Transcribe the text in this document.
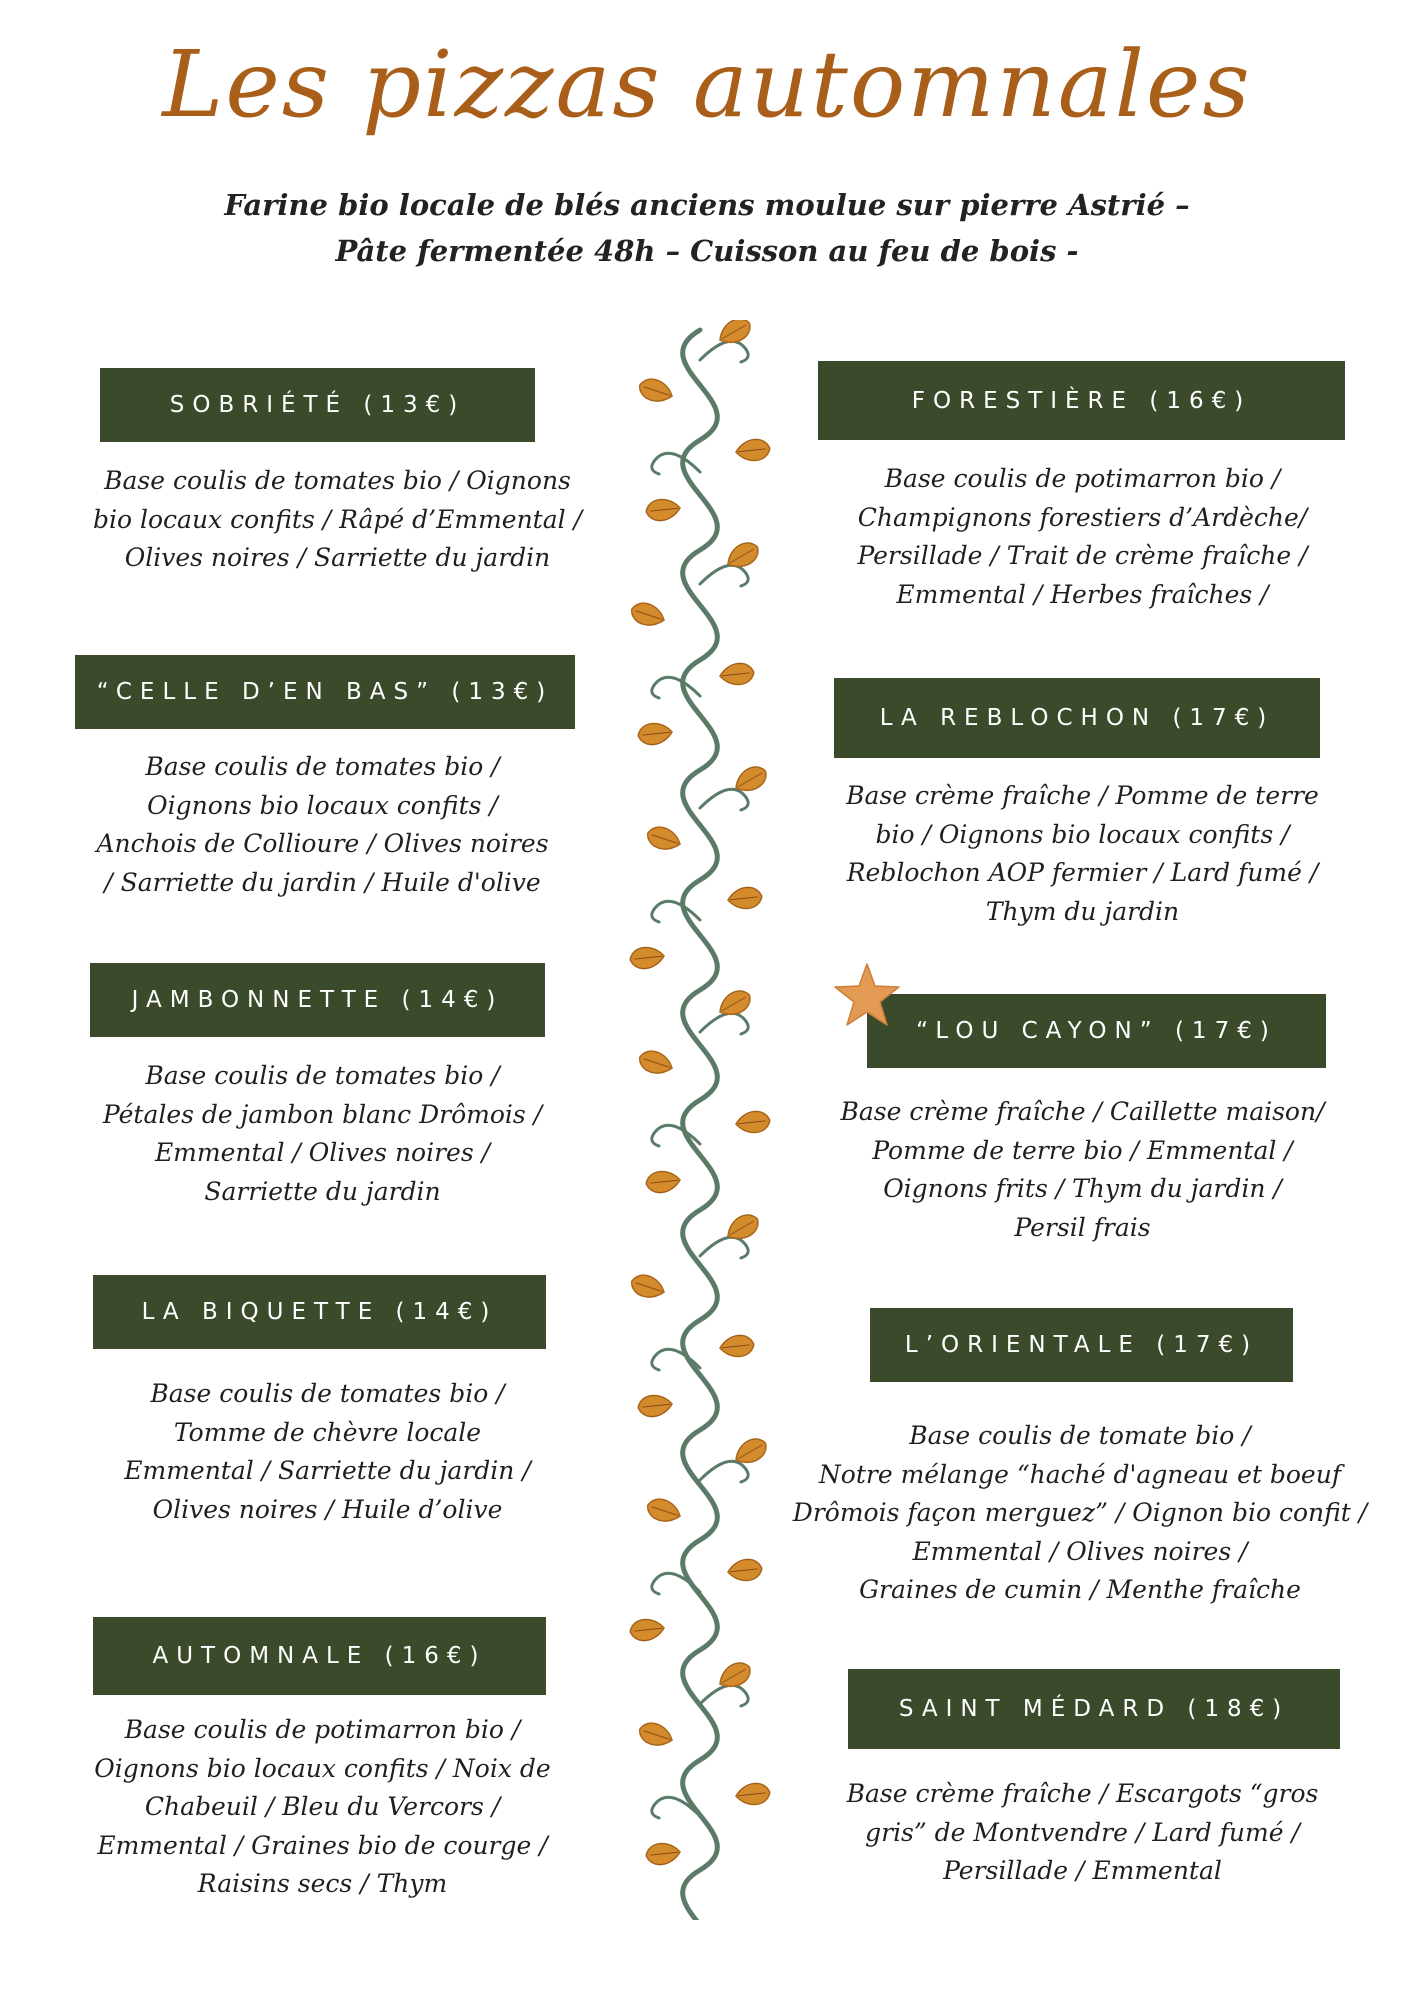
Les pizzas automnales
Farine bio locale de blés anciens moulue sur pierre Astrié –
Pâte fermentée 48h – Cuisson au feu de bois -
SOBRIÉTÉ (13€)
Base coulis de tomates bio / Oignons
bio locaux confits / Râpé d’Emmental /
Olives noires / Sarriette du jardin
“CELLE D’EN BAS” (13€)
Base coulis de tomates bio /
Oignons bio locaux confits /
Anchois de Collioure / Olives noires
/ Sarriette du jardin / Huile d'olive
JAMBONNETTE (14€)
Base coulis de tomates bio /
Pétales de jambon blanc Drômois /
Emmental / Olives noires /
Sarriette du jardin
LA BIQUETTE (14€)
Base coulis de tomates bio /
Tomme de chèvre locale
Emmental / Sarriette du jardin /
Olives noires / Huile d’olive
AUTOMNALE (16€)
Base coulis de potimarron bio /
Oignons bio locaux confits / Noix de
Chabeuil / Bleu du Vercors /
Emmental / Graines bio de courge /
Raisins secs / Thym
FORESTIÈRE (16€)
Base coulis de potimarron bio /
Champignons forestiers d’Ardèche/
Persillade / Trait de crème fraîche /
Emmental / Herbes fraîches /
LA REBLOCHON (17€)
Base crème fraîche / Pomme de terre
bio / Oignons bio locaux confits /
Reblochon AOP fermier / Lard fumé /
Thym du jardin
“LOU CAYON” (17€)
Base crème fraîche / Caillette maison/
Pomme de terre bio / Emmental /
Oignons frits / Thym du jardin /
Persil frais
L’ORIENTALE (17€)
Base coulis de tomate bio /
Notre mélange “haché d'agneau et boeuf
Drômois façon merguez” / Oignon bio confit /
Emmental / Olives noires /
Graines de cumin / Menthe fraîche
SAINT MÉDARD (18€)
Base crème fraîche / Escargots “gros
gris” de Montvendre / Lard fumé /
Persillade / Emmental
